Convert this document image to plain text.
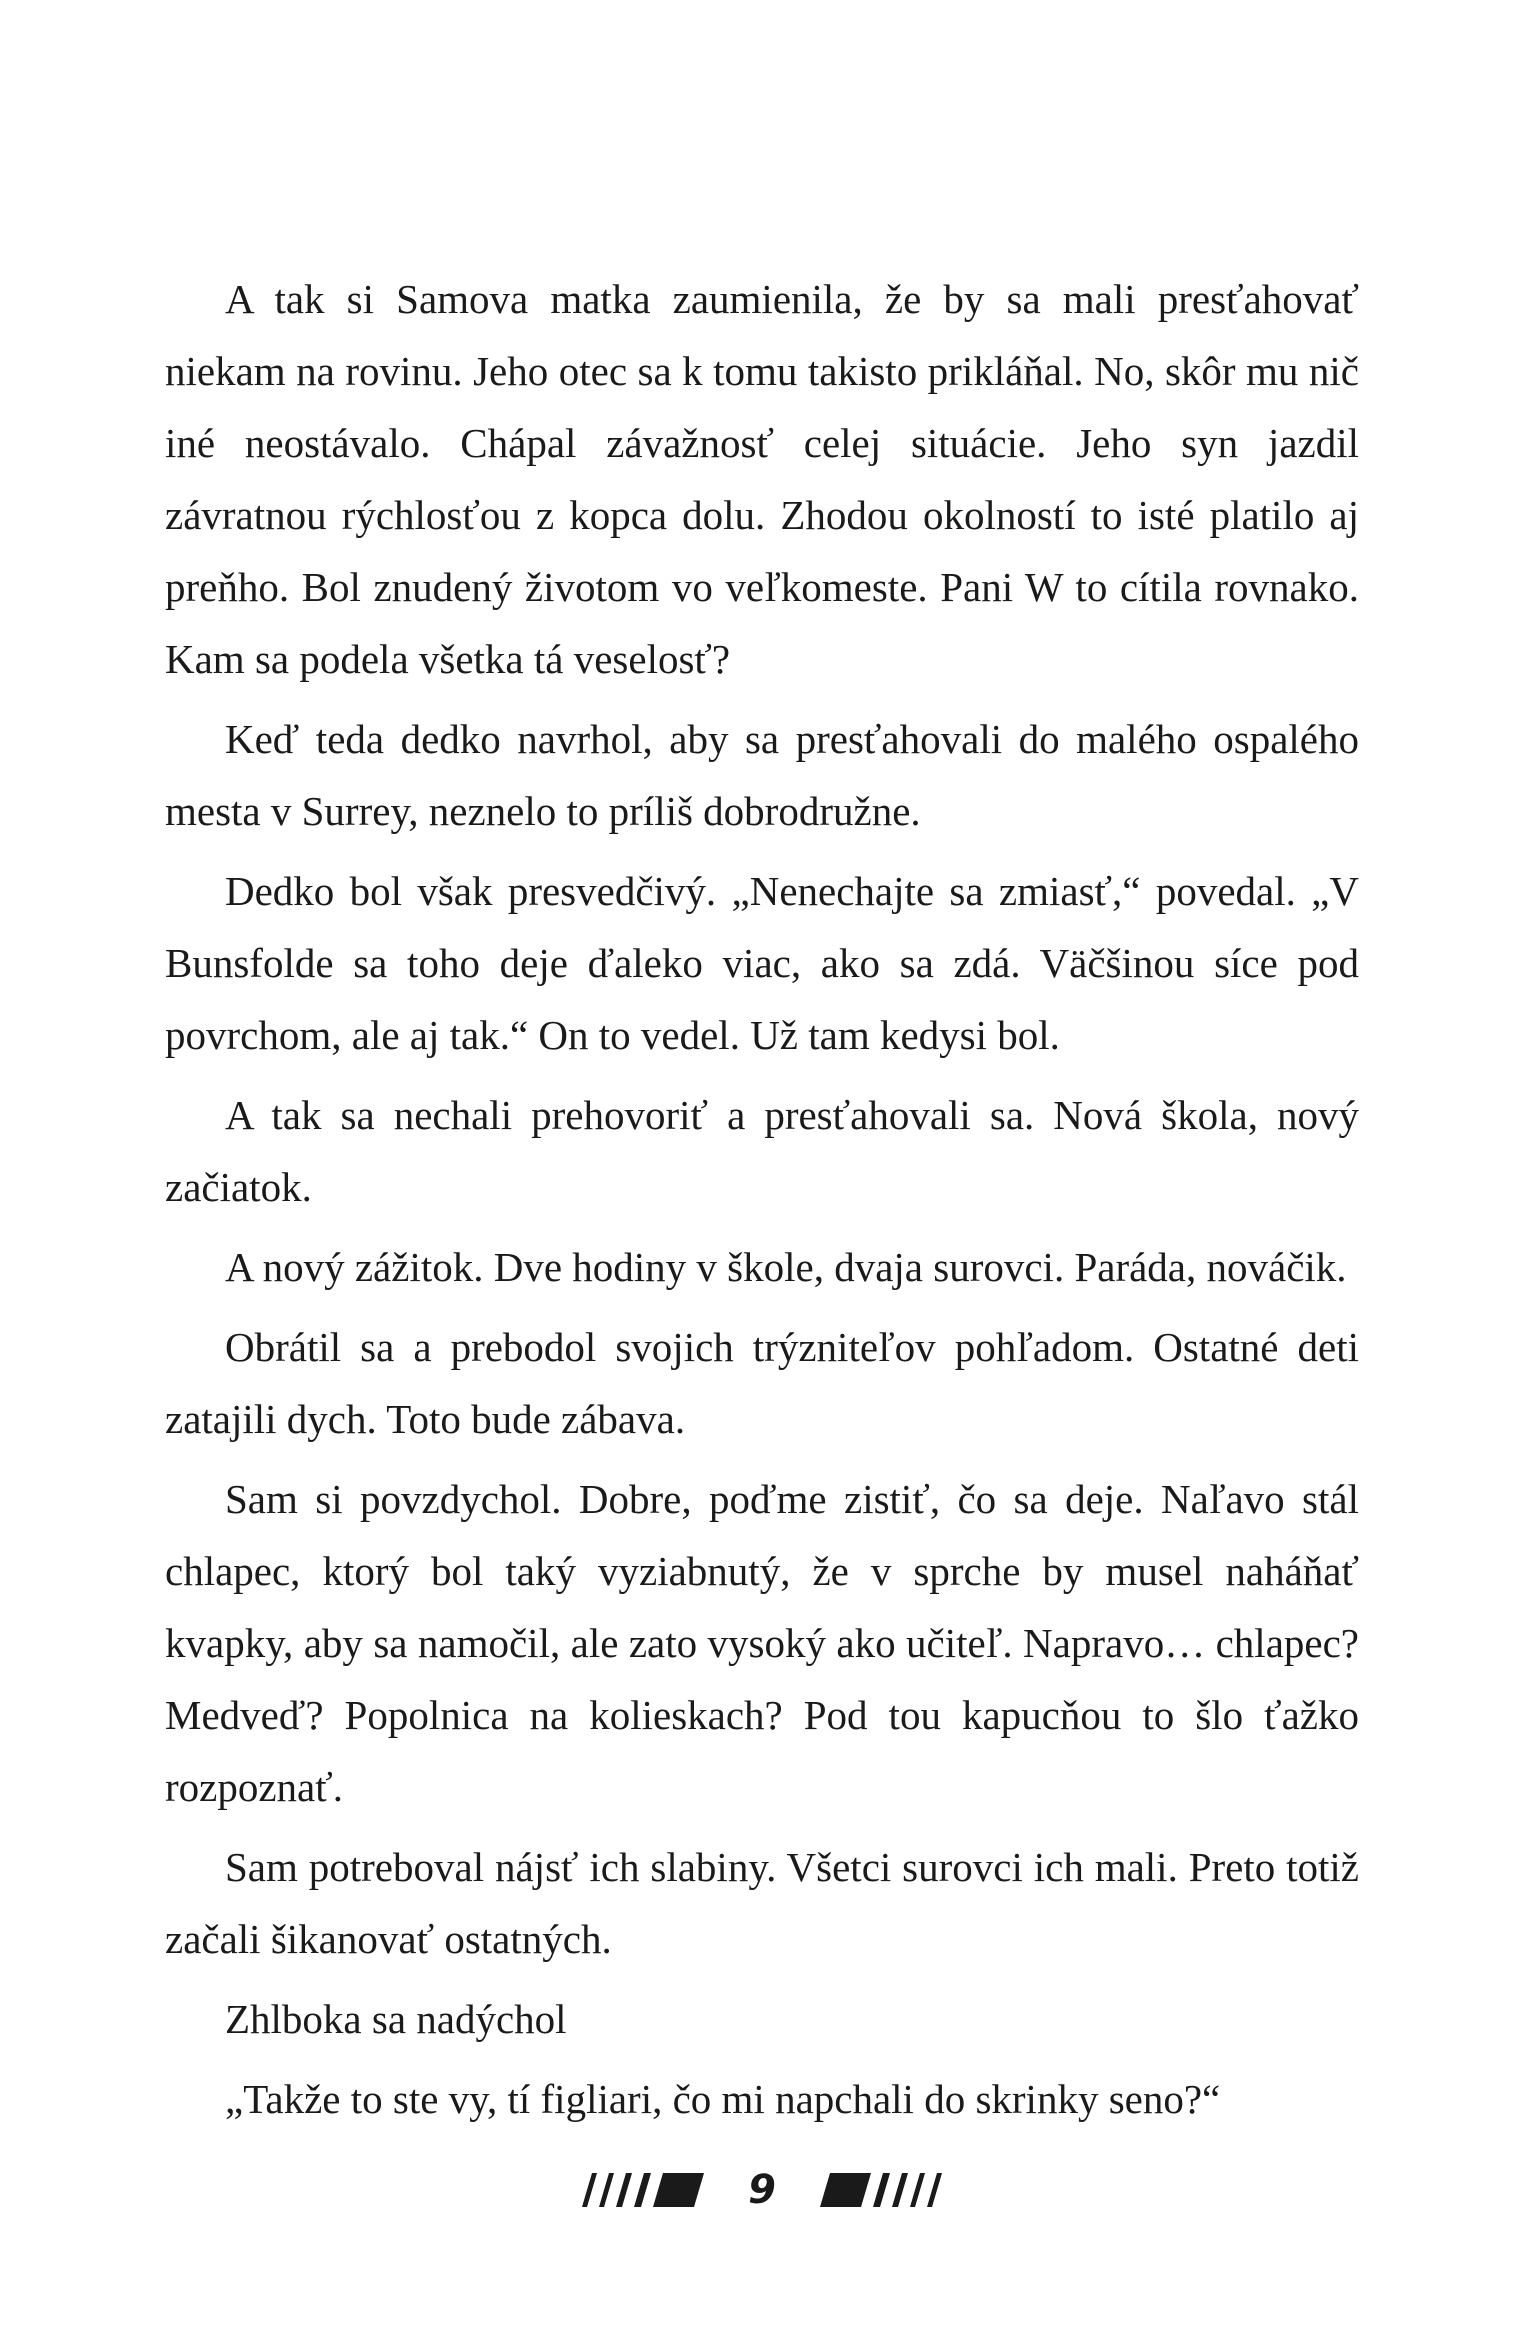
A tak si Samova matka zaumienila, že by sa mali presťahovať niekam na rovinu. Jeho otec sa k tomu takisto prikláňal. No, skôr mu nič iné neostávalo. Chápal závažnosť celej situácie. Jeho syn jazdil závratnou rýchlosťou z kopca dolu. Zhodou okolností to isté platilo aj preňho. Bol znudený životom vo veľkomeste. Pani W to cítila rovnako. Kam sa podela všetka tá veselosť?

Keď teda dedko navrhol, aby sa presťahovali do malého ospalého mesta v Surrey, neznelo to príliš dobrodružne.

Dedko bol však presvedčivý. „Nenechajte sa zmiasť,“ povedal. „V Bunsfolde sa toho deje ďaleko viac, ako sa zdá. Väčšinou síce pod povrchom, ale aj tak.“ On to vedel. Už tam kedysi bol.

A tak sa nechali prehovoriť a presťahovali sa. Nová škola, nový začiatok.

A nový zážitok. Dve hodiny v škole, dvaja surovci. Paráda, nováčik.

Obrátil sa a prebodol svojich trýzniteľov pohľadom. Ostatné deti zatajili dych. Toto bude zábava.

Sam si povzdychol. Dobre, poďme zistiť, čo sa deje. Naľavo stál chlapec, ktorý bol taký vyziabnutý, že v sprche by musel naháňať kvapky, aby sa namočil, ale zato vysoký ako učiteľ. Napravo… chlapec? Medveď? Popolnica na kolieskach? Pod tou kapucňou to šlo ťažko rozpoznať.

Sam potreboval nájsť ich slabiny. Všetci surovci ich mali. Preto totiž začali šikanovať ostatných.

Zhlboka sa nadýchol

„Takže to ste vy, tí figliari, čo mi napchali do skrinky seno?“

9
